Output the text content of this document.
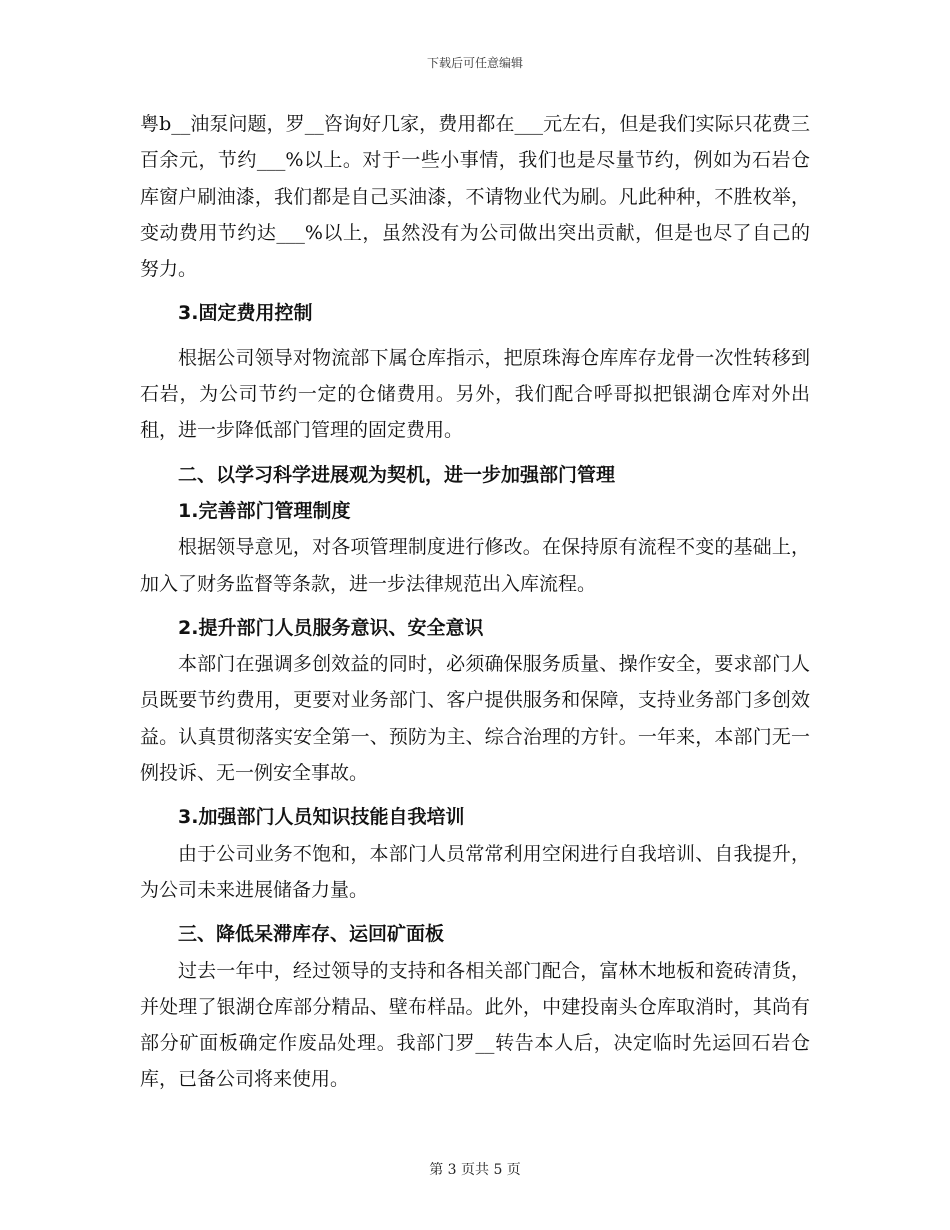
下载后可任意编辑

粤b__油泵问题，罗__咨询好几家，费用都在___元左右，但是我们实际只花费三百余元，节约___%以上。对于一些小事情，我们也是尽量节约，例如为石岩仓库窗户刷油漆，我们都是自己买油漆，不请物业代为刷。凡此种种，不胜枚举，变动费用节约达___%以上，虽然没有为公司做出突出贡献，但是也尽了自己的努力。

3.固定费用控制

根据公司领导对物流部下属仓库指示，把原珠海仓库库存龙骨一次性转移到石岩，为公司节约一定的仓储费用。另外，我们配合呼哥拟把银湖仓库对外出租，进一步降低部门管理的固定费用。

二、以学习科学进展观为契机，进一步加强部门管理

1.完善部门管理制度

根据领导意见，对各项管理制度进行修改。在保持原有流程不变的基础上，加入了财务监督等条款，进一步法律规范出入库流程。

2.提升部门人员服务意识、安全意识

本部门在强调多创效益的同时，必须确保服务质量、操作安全，要求部门人员既要节约费用，更要对业务部门、客户提供服务和保障，支持业务部门多创效益。认真贯彻落实安全第一、预防为主、综合治理的方针。一年来，本部门无一例投诉、无一例安全事故。

3.加强部门人员知识技能自我培训

由于公司业务不饱和，本部门人员常常利用空闲进行自我培训、自我提升，为公司未来进展储备力量。

三、降低呆滞库存、运回矿面板

过去一年中，经过领导的支持和各相关部门配合，富林木地板和瓷砖清货，并处理了银湖仓库部分精品、壁布样品。此外，中建投南头仓库取消时，其尚有部分矿面板确定作废品处理。我部门罗__转告本人后，决定临时先运回石岩仓库，已备公司将来使用。

第 3 页共 5 页
